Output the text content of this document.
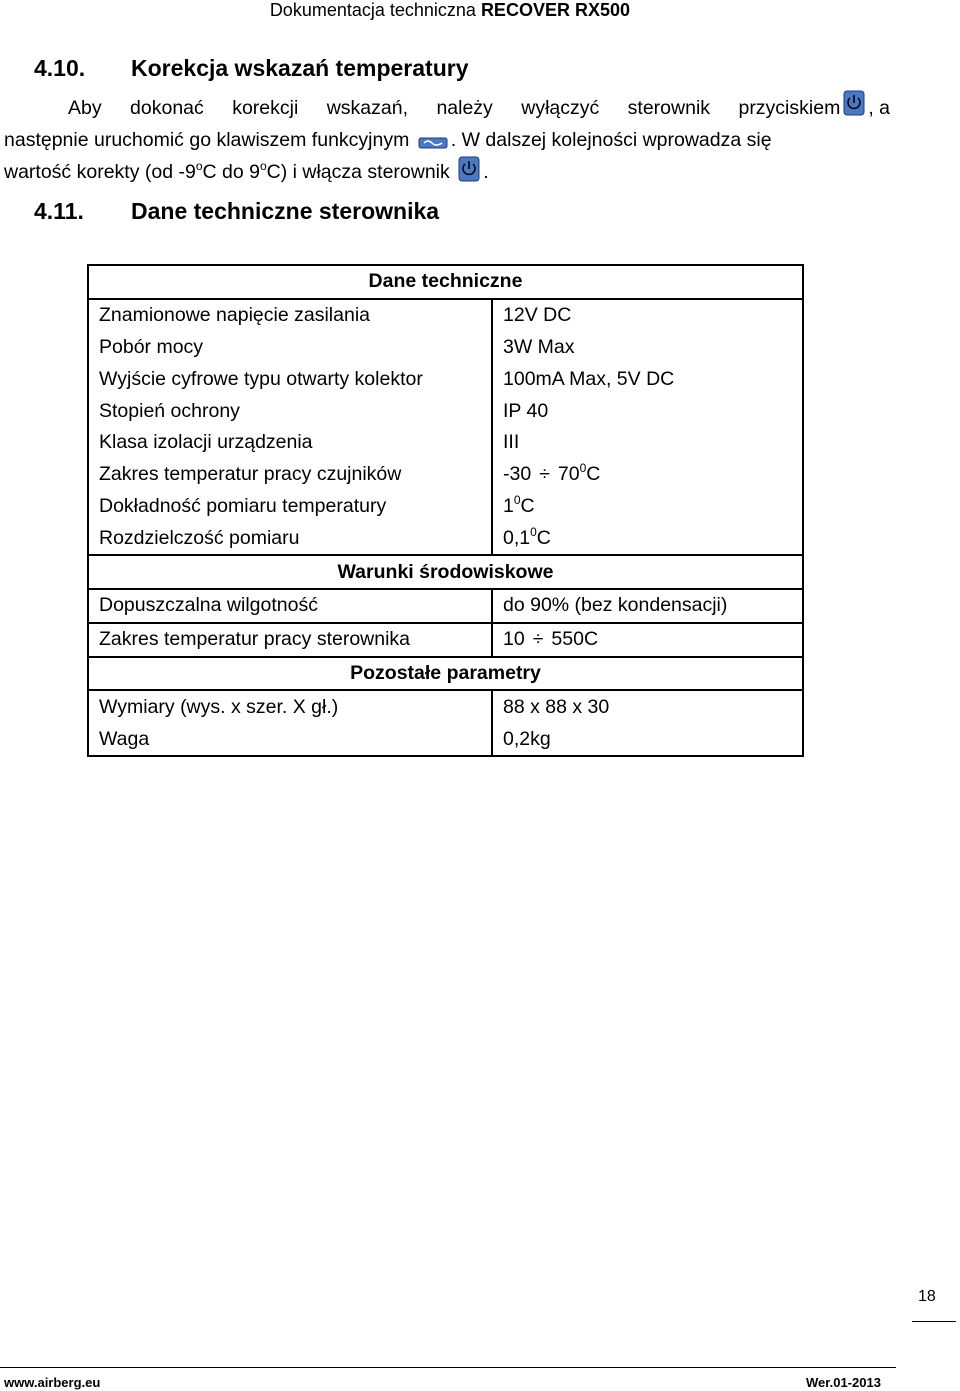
Dokumentacja techniczna RECOVER RX500
4.10. Korekcja wskazań temperatury
Aby dokonać korekcji wskazań, należy wyłączyć sterownik przyciskiem , a
następnie uruchomić go klawiszem funkcyjnym . W dalszej kolejności wprowadza się
wartość korekty (od -9$^o$C do 9$^o$C) i włącza sterownik .
4.11. Dane techniczne sterownika
Dane techniczne	
Znamionowe napięcie zasilania	12V DC
Pobór mocy	3W Max
Wyjście cyfrowe typu otwarty kolektor	100mA Max, 5V DC
Stopień ochrony	IP 40
Klasa izolacji urządzenia	III
Zakres temperatur pracy czujników	$-30 \div 70^0C$
Dokładność pomiaru temperatury	$1^0C$
Rozdzielczość pomiaru	$0,1^0C$
Warunki środowiskowe	
Dopuszczalna wilgotność	do 90% (bez kondensacji)
Zakres temperatur pracy sterownika	10 ÷ 550C
Pozostałe parametry	
Wymiary (wys. x szer. X gł.)	88 x 88 x 30
Waga	0,2kg
18
www.airberg.eu	Wer.01-2013
